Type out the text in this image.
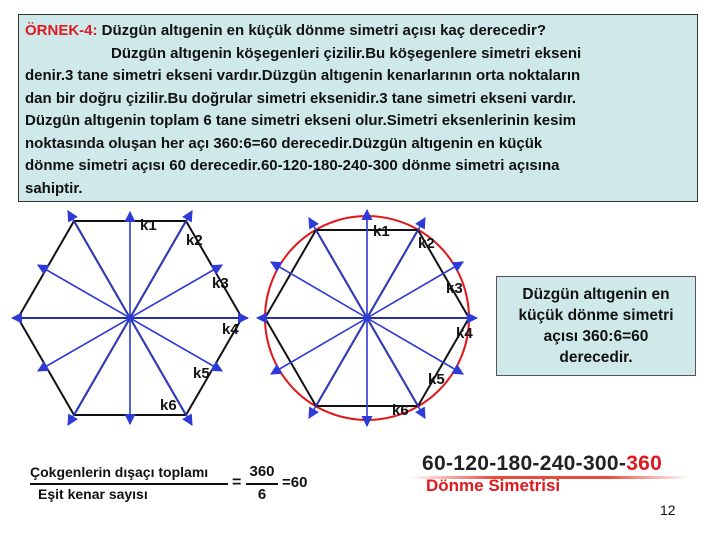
ÖRNEK-4: Düzgün altıgenin en küçük dönme simetri açısı kaç derecedir?
Düzgün altıgenin köşegenleri çizilir.Bu köşegenlere simetri ekseni
denir.3 tane simetri ekseni vardır.Düzgün altıgenin kenarlarının orta noktaların
dan bir doğru çizilir.Bu doğrular simetri eksenidir.3 tane simetri ekseni vardır.
Düzgün altıgenin toplam 6 tane simetri ekseni olur.Simetri eksenlerinin kesim
noktasında oluşan her açı 360:6=60 derecedir.Düzgün altıgenin en küçük
dönme simetri açısı 60 derecedir.60-120-180-240-300 dönme simetri açısına
sahiptir.
k1
k2
k3
k4
k5
k6
k1
k2
k3
k4
k5
k6
Düzgün altıgenin en küçük dönme simetri açısı 360:6=60 derecedir.
Çokgenlerin dışaçı toplamı
Eşit kenar sayısı
=
360
6
=60
60-120-180-240-300-360
Dönme Simetrisi
12
